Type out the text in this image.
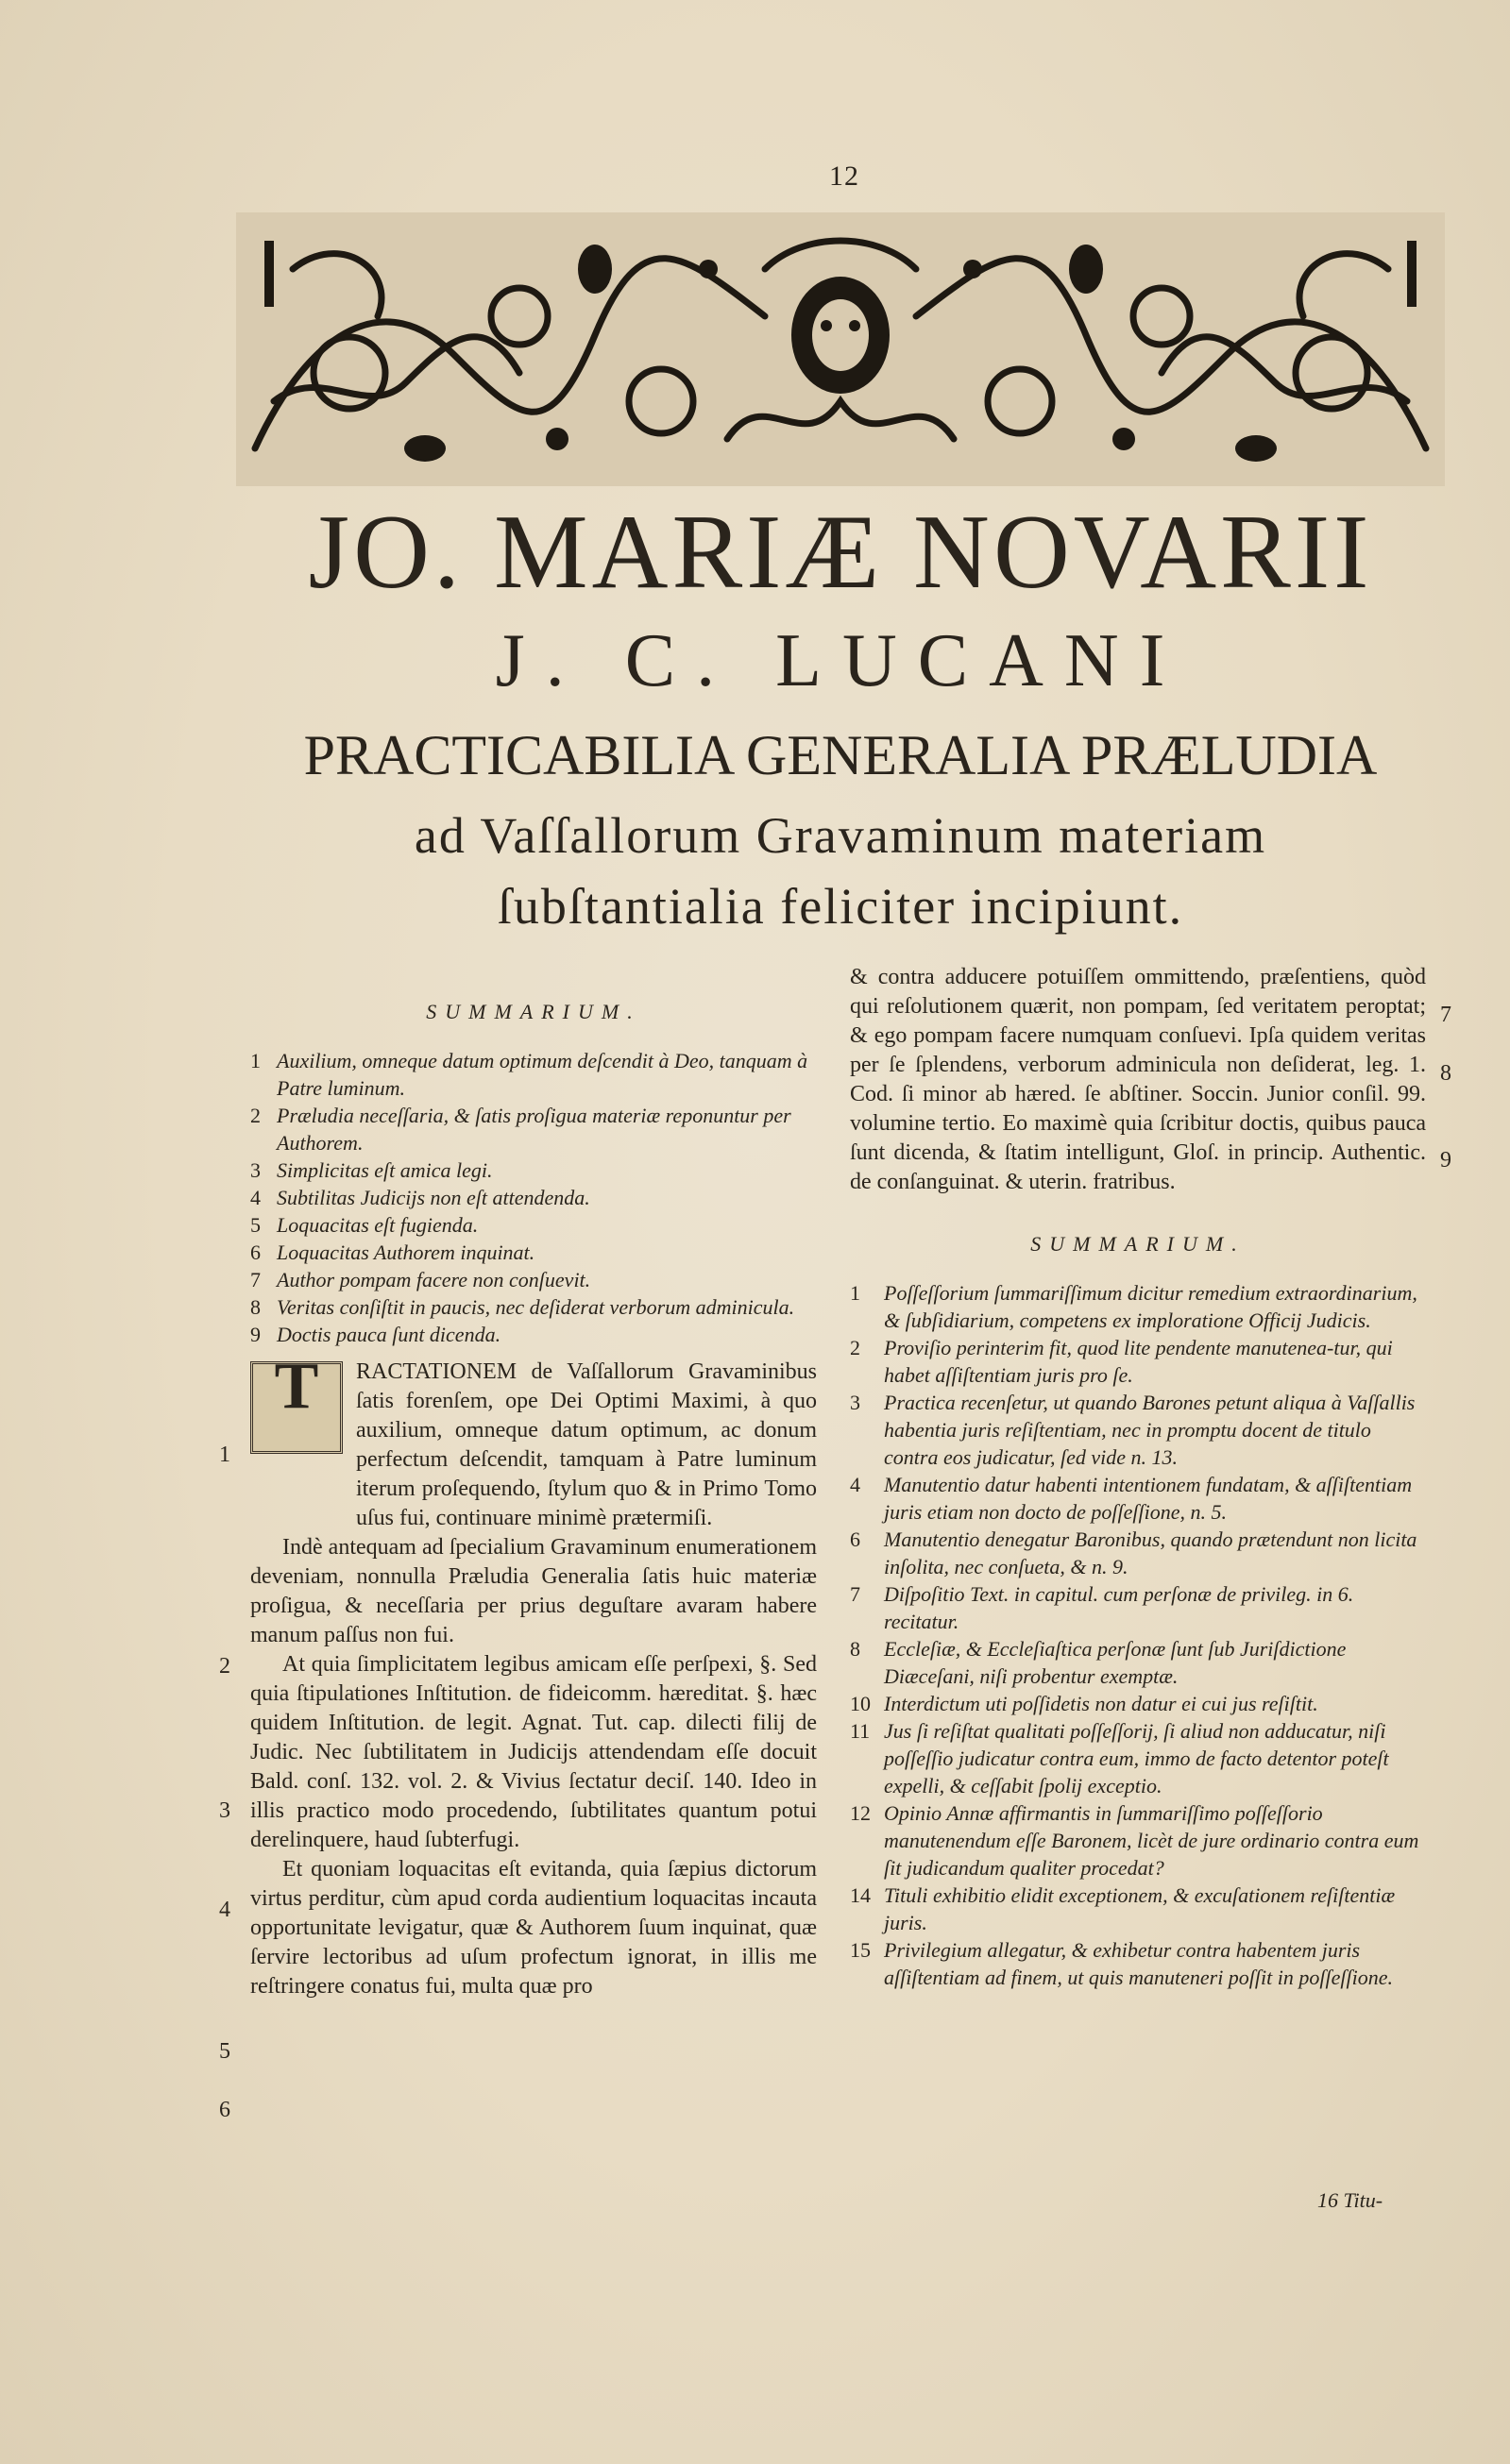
12
JO. MARIÆ NOVARII
J. C. LUCANI
PRACTICABILIA GENERALIA PRÆLUDIA
ad Vaſſallorum Gravaminum materiam
ſubſtantialia feliciter incipiunt.
SUMMARIUM.
1 Auxilium, omneque datum optimum deſcendit à Deo, tanquam à Patre luminum.
2 Præludia neceſſaria, & ſatis proſigua materiæ reponuntur per Authorem.
3 Simplicitas eſt amica legi.
4 Subtilitas Judicijs non eſt attendenda.
5 Loquacitas eſt fugienda.
6 Loquacitas Authorem inquinat.
7 Author pompam facere non conſuevit.
8 Veritas conſiſtit in paucis, nec deſiderat verborum adminicula.
9 Doctis pauca ſunt dicenda.
T	RACTATIONEM de Vaſſallorum Gravaminibus ſatis forenſem, ope Dei Optimi Maximi, à quo auxilium, omneque datum optimum, ac donum perfectum deſcendit, tamquam à Patre luminum iterum proſequendo, ſtylum quo & in Primo Tomo uſus fui, continuare minimè prætermiſi.
Indè antequam ad ſpecialium Gravaminum enumerationem deveniam, nonnulla Præludia Generalia ſatis huic materiæ proſigua, & neceſſaria per prius deguſtare avaram habere manum paſſus non fui.
At quia ſimplicitatem legibus amicam eſſe perſpexi, §. Sed quia ſtipulationes Inſtitution. de fideicomm. hæreditat. §. hæc quidem Inſtitution. de legit. Agnat. Tut. cap. dilecti filij de Judic. Nec ſubtilitatem in Judicijs attendendam eſſe docuit Bald. conſ. 132. vol. 2. & Vivius ſectatur deciſ. 140. Ideo in illis practico modo procedendo, ſubtilitates quantum potui derelinquere, haud ſubterfugi.
Et quoniam loquacitas eſt evitanda, quia ſæpius dictorum virtus perditur, cùm apud corda audientium loquacitas incauta opportunitate levigatur, quæ & Authorem ſuum inquinat, quæ ſervire lectoribus ad uſum profectum ignorat, in illis me reſtringere conatus fui, multa quæ pro
1
2
3
4
5
6
& contra adducere potuiſſem ommittendo, præſentiens, quòd qui reſolutionem quærit, non pompam, ſed veritatem peroptat; & ego pompam facere numquam conſuevi. Ipſa quidem veritas per ſe ſplendens, verborum adminicula non deſiderat, leg. 1. Cod. ſi minor ab hæred. ſe abſtiner. Soccin. Junior conſil. 99. volumine tertio. Eo maximè quia ſcribitur doctis, quibus pauca ſunt dicenda, & ſtatim intelligunt, Gloſ. in princip. Authentic. de conſanguinat. & uterin. fratribus.
SUMMARIUM.
1	Poſſeſſorium ſummariſſimum dicitur remedium extraordinarium, & ſubſidiarium, competens ex imploratione Officij Judicis.
2	Proviſio perinterim fit, quod lite pendente manutenea-tur, qui habet aſſiſtentiam juris pro ſe.
3	Practica recenſetur, ut quando Barones petunt aliqua à Vaſſallis habentia juris reſiſtentiam, nec in promptu docent de titulo contra eos judicatur, ſed vide n. 13.
4	Manutentio datur habenti intentionem fundatam, & aſſiſtentiam juris etiam non docto de poſſeſſione, n. 5.
6	Manutentio denegatur Baronibus, quando prætendunt non licita inſolita, nec conſueta, & n. 9.
7	Diſpoſitio Text. in capitul. cum perſonæ de privileg. in 6. recitatur.
8	Eccleſiæ, & Eccleſiaſtica perſonæ ſunt ſub Juriſdictione Diæceſani, niſi probentur exemptæ.
10 Interdictum uti poſſidetis non datur ei cui jus reſiſtit.
11 Jus ſi reſiſtat qualitati poſſeſſorij, ſi aliud non adducatur, niſi poſſeſſio judicatur contra eum, immo de facto detentor poteſt expelli, & ceſſabit ſpolij exceptio.
12 Opinio Annæ affirmantis in ſummariſſimo poſſeſſorio manutenendum eſſe Baronem, licèt de jure ordinario contra eum ſit judicandum qualiter procedat?
14 Tituli exhibitio elidit exceptionem, & excuſationem reſiſtentiæ juris.
15 Privilegium allegatur, & exhibetur contra habentem juris aſſiſtentiam ad finem, ut quis manuteneri poſſit in poſſeſſione.
7
8
9
16 Titu-
